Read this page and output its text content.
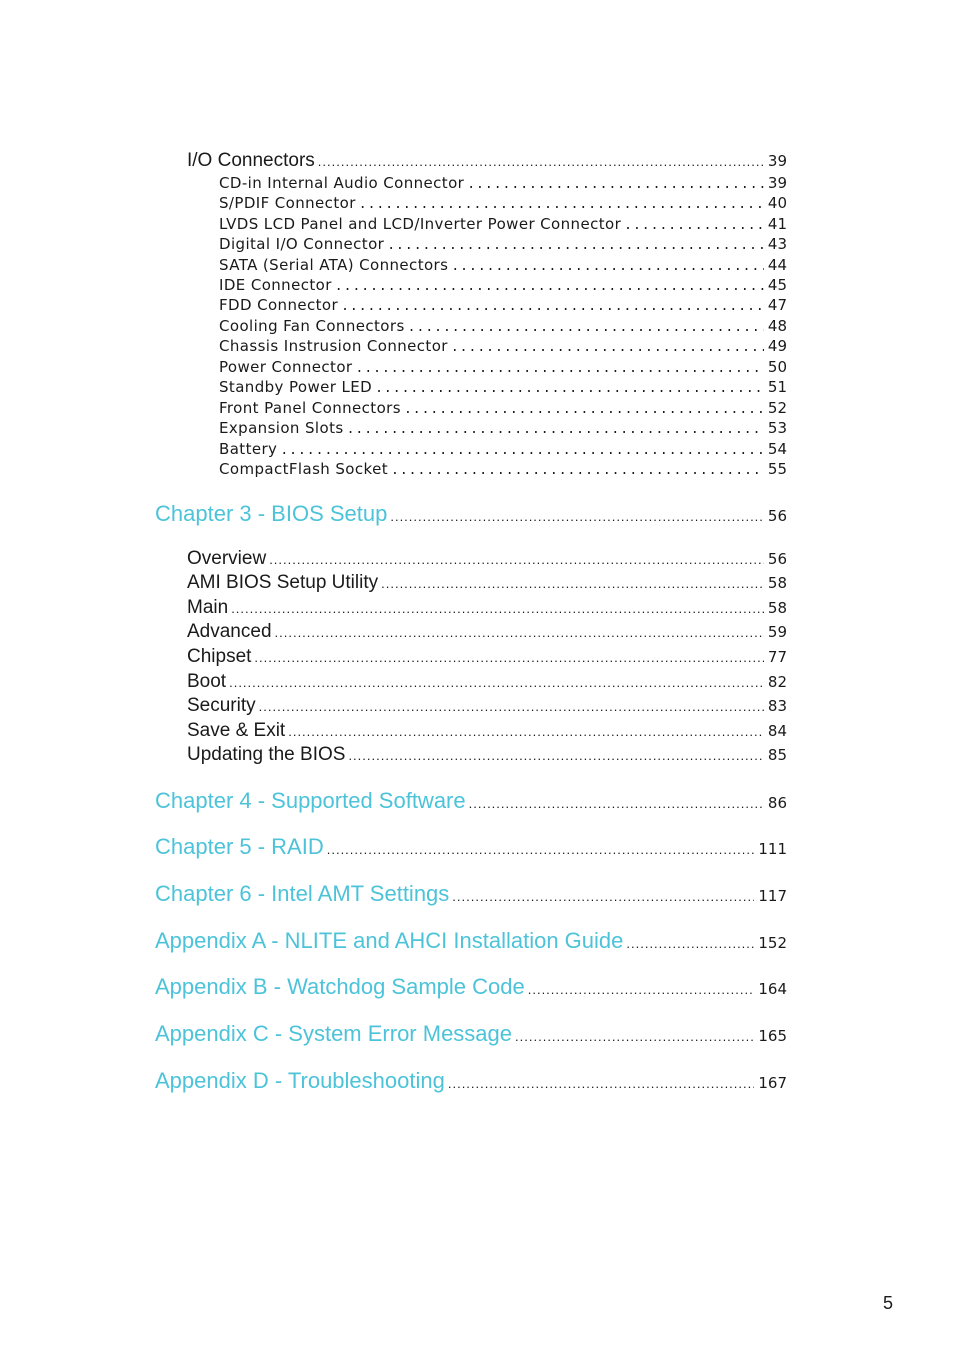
I/O Connectors .....	39
CD-in Internal Audio Connector .....	39
S/PDIF Connector .....	40
LVDS LCD Panel and LCD/Inverter Power Connector .....	41
Digital I/O Connector .....	43
SATA (Serial ATA) Connectors .....	44
IDE Connector .....	45
FDD Connector .....	47
Cooling Fan Connectors .....	48
Chassis Instrusion Connector .....	49
Power Connector .....	50
Standby Power LED .....	51
Front Panel Connectors .....	52
Expansion Slots .....	53
Battery .....	54
CompactFlash Socket .....	55
Chapter 3 - BIOS Setup .....	56
Overview .....	56
AMI BIOS Setup Utility .....	58
Main .....	58
Advanced .....	59
Chipset .....	77
Boot .....	82
Security .....	83
Save & Exit .....	84
Updating the BIOS .....	85
Chapter 4 - Supported Software .....	86
Chapter 5 - RAID .....	111
Chapter 6 - Intel AMT Settings .....	117
Appendix A - NLITE and AHCI Installation Guide .....	152
Appendix B - Watchdog Sample Code .....	164
Appendix C - System Error Message .....	165
Appendix D - Troubleshooting .....	167
5
